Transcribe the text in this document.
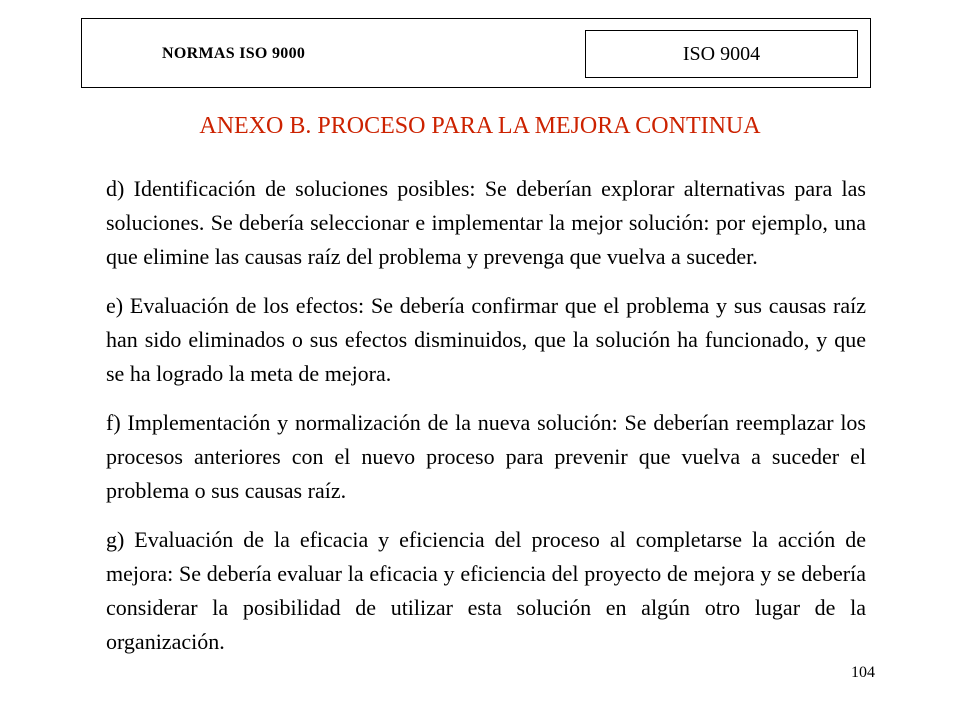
NORMAS ISO 9000	ISO 9004
ANEXO B. PROCESO PARA LA MEJORA CONTINUA

d) Identificación de soluciones posibles: Se deberían explorar alternativas para las soluciones. Se debería seleccionar e implementar la mejor solución: por ejemplo, una que elimine las causas raíz del problema y prevenga que vuelva a suceder.

e) Evaluación de los efectos: Se debería confirmar que el problema y sus causas raíz han sido eliminados o sus efectos disminuidos, que la solución ha funcionado, y que se ha logrado la meta de mejora.

f) Implementación y normalización de la nueva solución: Se deberían reemplazar los procesos anteriores con el nuevo proceso para prevenir que vuelva a suceder el problema o sus causas raíz.

g) Evaluación de la eficacia y eficiencia del proceso al completarse la acción de mejora: Se debería evaluar la eficacia y eficiencia del proyecto de mejora y se debería considerar la posibilidad de utilizar esta solución en algún otro lugar de la organización.

104
